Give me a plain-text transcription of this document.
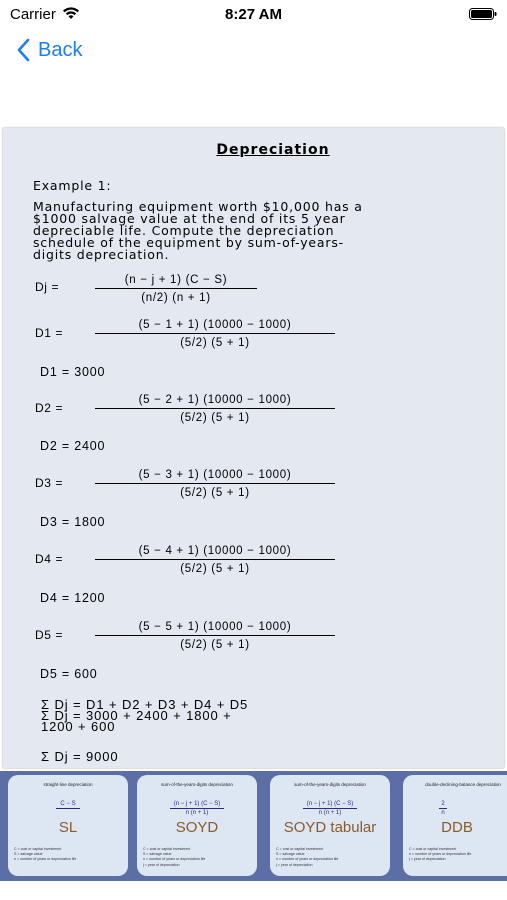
Carrier	8:27 AM
Back
Depreciation
Example 1:
Manufacturing equipment worth $10,000 has a
$1000 salvage value at the end of its 5 year
depreciable life. Compute the depreciation
schedule of the equipment by sum-of-years-
digits depreciation.
Dj =	(n − j + 1) (C − S)
(n/2) (n + 1)
D1 =
(5 − 1 + 1) (10000 − 1000)
(5/2) (5 + 1)
D1 = 3000
D2 =
(5 − 2 + 1) (10000 − 1000)
(5/2) (5 + 1)
D2 = 2400
D3 =
(5 − 3 + 1) (10000 − 1000)
(5/2) (5 + 1)
D3 = 1800
D4 =
(5 − 4 + 1) (10000 − 1000)
(5/2) (5 + 1)
D4 = 1200
D5 =
(5 − 5 + 1) (10000 − 1000)
(5/2) (5 + 1)
D5 = 600
Σ Dj = D1 + D2 + D3 + D4 + D5
Σ Dj = 3000 + 2400 + 1800 +
1200 + 600
Σ Dj = 9000
straight-line depreciation
C − S
SL
C = cost or capital investment
S = salvage value
n = number of years or depreciation life
sum-of-the-years-digits depreciation
(n − j + 1) (C − S)
n (n + 1)
SOYD
C = cost or capital investment
S = salvage value
n = number of years or depreciation life
j = year of depreciation
sum-of-the-years-digits depreciation
(n − j + 1) (C − S)
n (n + 1)
SOYD tabular
C = cost or capital investment
S = salvage value
n = number of years or depreciation life
j = year of depreciation
double-declining-balance depreciation
2
n
DDB
C = cost or capital investment
n = number of years or depreciation life
j = year of depreciation
